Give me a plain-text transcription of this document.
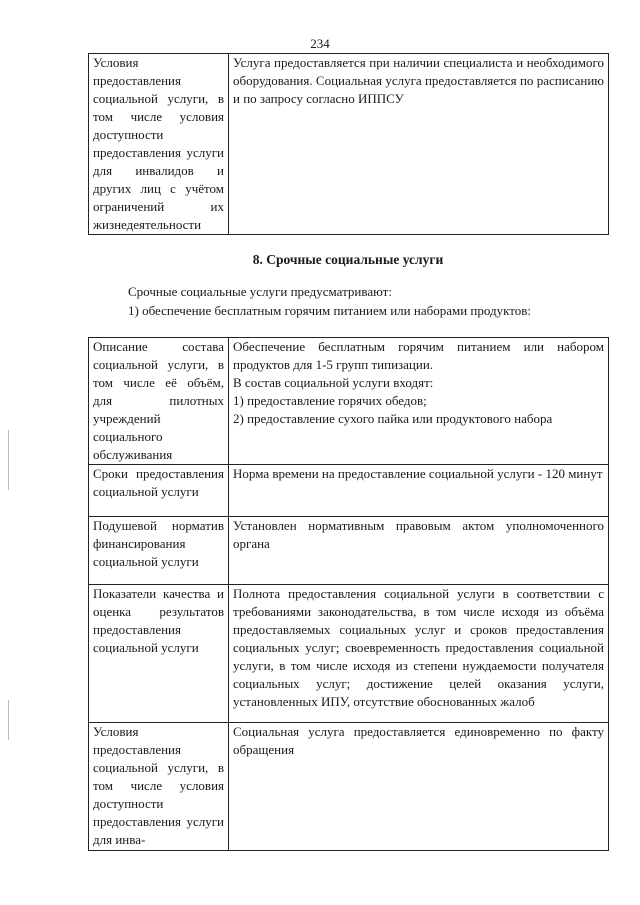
234
Условия предоставления социальной услуги, в том числе условия доступности предоставления услуги для инвалидов и других лиц с учётом ограничений их жизнедеятельности	Услуга предоставляется при наличии специалиста и необходимого оборудования. Социальная услуга предоставляется по расписанию и по запросу согласно ИППСУ
8. Срочные социальные услуги
Срочные социальные услуги предусматривают:
1) обеспечение бесплатным горячим питанием или наборами продуктов:
Описание состава социальной услуги, в том числе её объём, для пилотных учреждений социального обслуживания	Обеспечение бесплатным горячим питанием или набором продуктов для 1-5 групп типизации.
В состав социальной услуги входят:
1) предоставление горячих обедов;
2) предоставление сухого пайка или продуктового набора

Сроки предоставления социальной услуги	Норма времени на предоставление социальной услуги - 120 минут
Подушевой норматив финансирования социальной услуги	Установлен нормативным правовым актом уполномоченного органа
Показатели качества и оценка результатов предоставления социальной услуги	Полнота предоставления социальной услуги в соответствии с требованиями законодательства, в том числе исходя из объёма предоставляемых социальных услуг и сроков предоставления социальных услуг; своевременность предоставления социальной услуги, в том числе исходя из степени нуждаемости получателя социальных услуг; достижение целей оказания услуги, установленных ИПУ, отсутствие обоснованных жалоб
Условия предоставления социальной услуги, в том числе условия доступности предоставления услуги для инва-	Социальная услуга предоставляется единовременно по факту обращения
